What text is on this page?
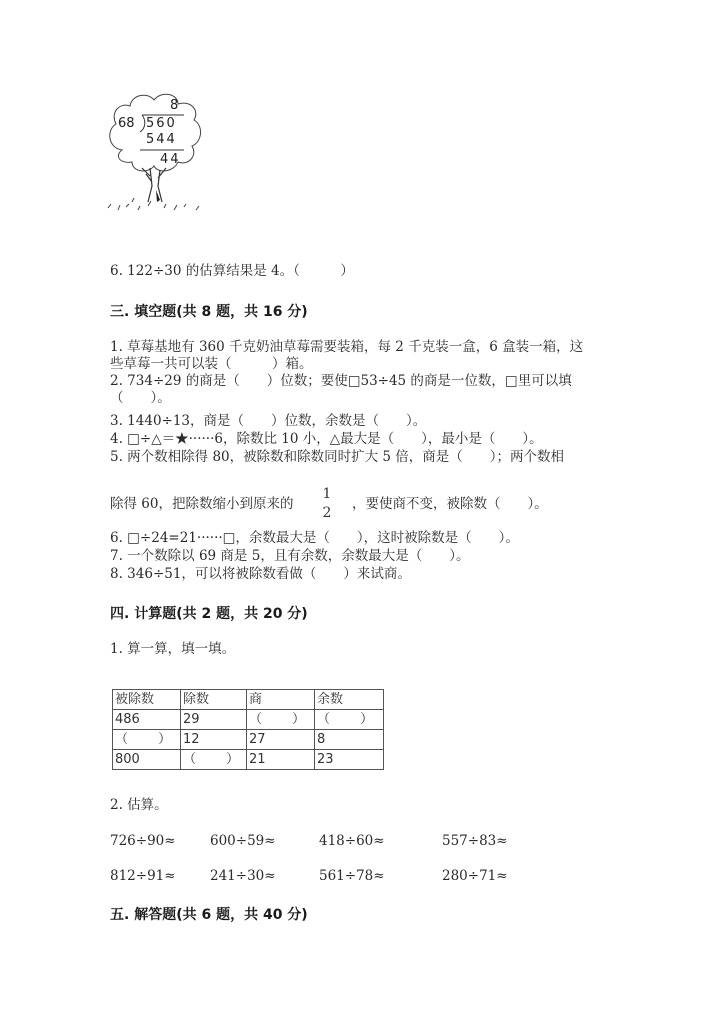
8
68 560
544
44
6. 122÷30 的估算结果是 4。（　　　）
三. 填空题(共 8 题，共 16 分)
1. 草莓基地有 360 千克奶油草莓需要装箱，每 2 千克装一盒，6 盒装一箱，这
些草莓一共可以装（　　　）箱。
2. 734÷29 的商是（　　）位数；要使□53÷45 的商是一位数，□里可以填
（　　）。
3. 1440÷13，商是（　　）位数，余数是（　　）。
4. □÷△＝★······6，除数比 10 小，△最大是（　　），最小是（　　）。
5. 两个数相除得 80，被除数和除数同时扩大 5 倍，商是（　　）；两个数相
除得 60，把除数缩小到原来的
1
2
，要使商不变，被除数（　　）。
6. □÷24=21······□，余数最大是（　　），这时被除数是（　　）。
7. 一个数除以 69 商是 5，且有余数，余数最大是（　　）。
8. 346÷51，可以将被除数看做（　　）来试商。
四. 计算题(共 2 题，共 20 分)
1. 算一算，填一填。
被除数	除数	商	余数
486	29	（　　 ）	（　　 ）
（　　 ）	12	27	8
800	（　　 ）	21	23
2. 估算。
726÷90≈	600÷59≈	418÷60≈	557÷83≈
812÷91≈	241÷30≈	561÷78≈	280÷71≈
五. 解答题(共 6 题，共 40 分)
